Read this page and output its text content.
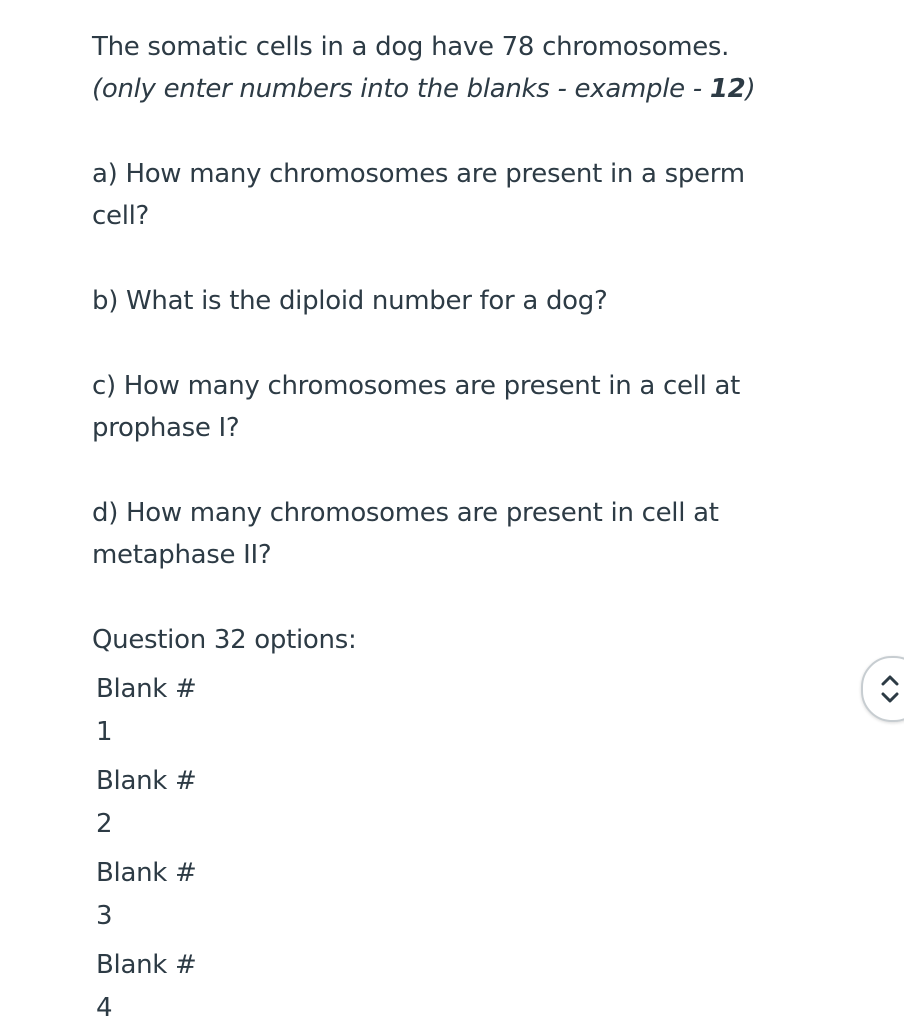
The somatic cells in a dog have 78 chromosomes.
(only enter numbers into the blanks - example - 12)

a) How many chromosomes are present in a sperm cell?

b) What is the diploid number for a dog?

c) How many chromosomes are present in a cell at prophase I?

d) How many chromosomes are present in cell at metaphase II?

Question 32 options:

Blank #
1
Blank #
2
Blank #
3
Blank #
4
